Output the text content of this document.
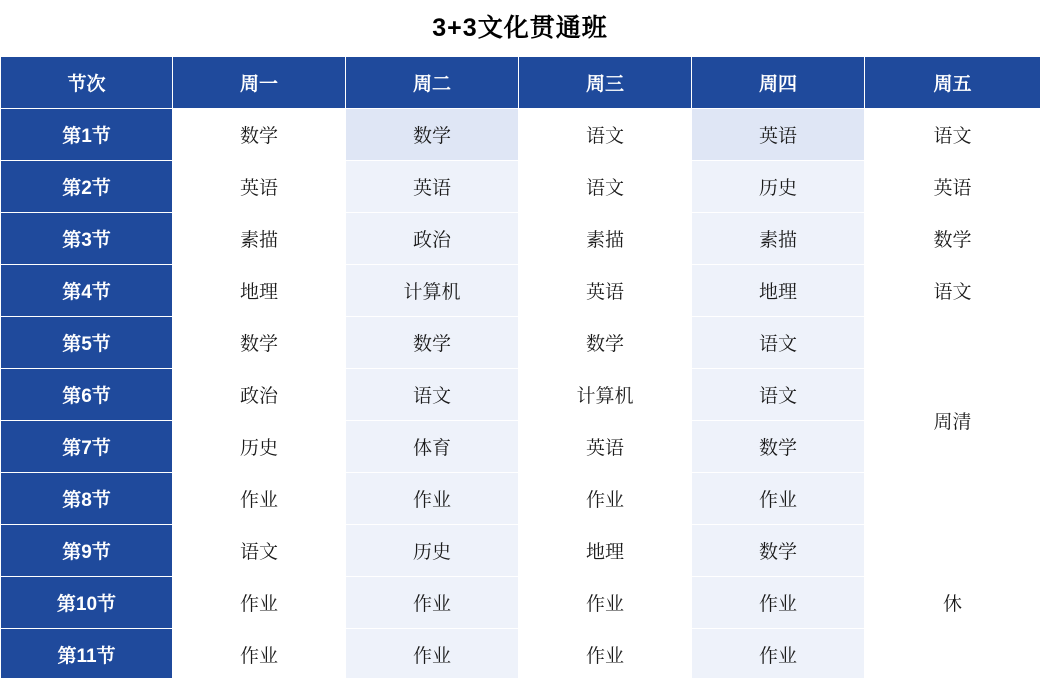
3+3文化贯通班
节次	周一	周二	周三	周四	周五
第1节	数学	数学	语文	英语	语文
第2节	英语	英语	语文	历史	英语
第3节	素描	政治	素描	素描	数学
第4节	地理	计算机	英语	地理	语文
第5节	数学	数学	数学	语文	周清
第6节	政治	语文	计算机	语文	
第7节	历史	体育	英语	数学	
第8节	作业	作业	作业	作业	
第9节	语文	历史	地理	数学	休
第10节	作业	作业	作业	作业	
第11节	作业	作业	作业	作业	
